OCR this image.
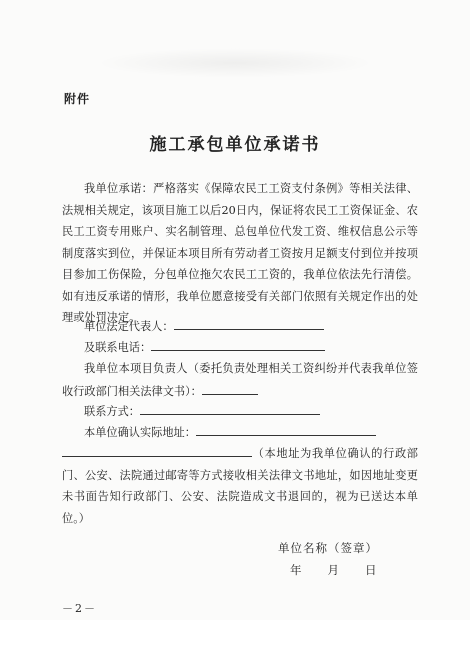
附件
施工承包单位承诺书
我单位承诺：严格落实《保障农民工工资支付条例》等相关法律、法规相关规定，该项目施工以后20日内，保证将农民工工资保证金、农民工工资专用账户、实名制管理、总包单位代发工资、维权信息公示等制度落实到位，并保证本项目所有劳动者工资按月足额支付到位并按项目参加工伤保险，分包单位拖欠农民工工资的，我单位依法先行清偿。如有违反承诺的情形，我单位愿意接受有关部门依照有关规定作出的处理或处罚决定。
单位法定代表人：
及联系电话：
我单位本项目负责人（委托负责处理相关工资纠纷并代表我单位签收行政部门相关法律文书）：
联系方式：
本单位确认实际地址：
（本地址为我单位确认的行政部门、公安、法院通过邮寄等方式接收相关法律文书地址，如因地址变更未书面告知行政部门、公安、法院造成文书退回的，视为已送达本单位。）
单位名称（签章）
年　　月　　日
－2－
